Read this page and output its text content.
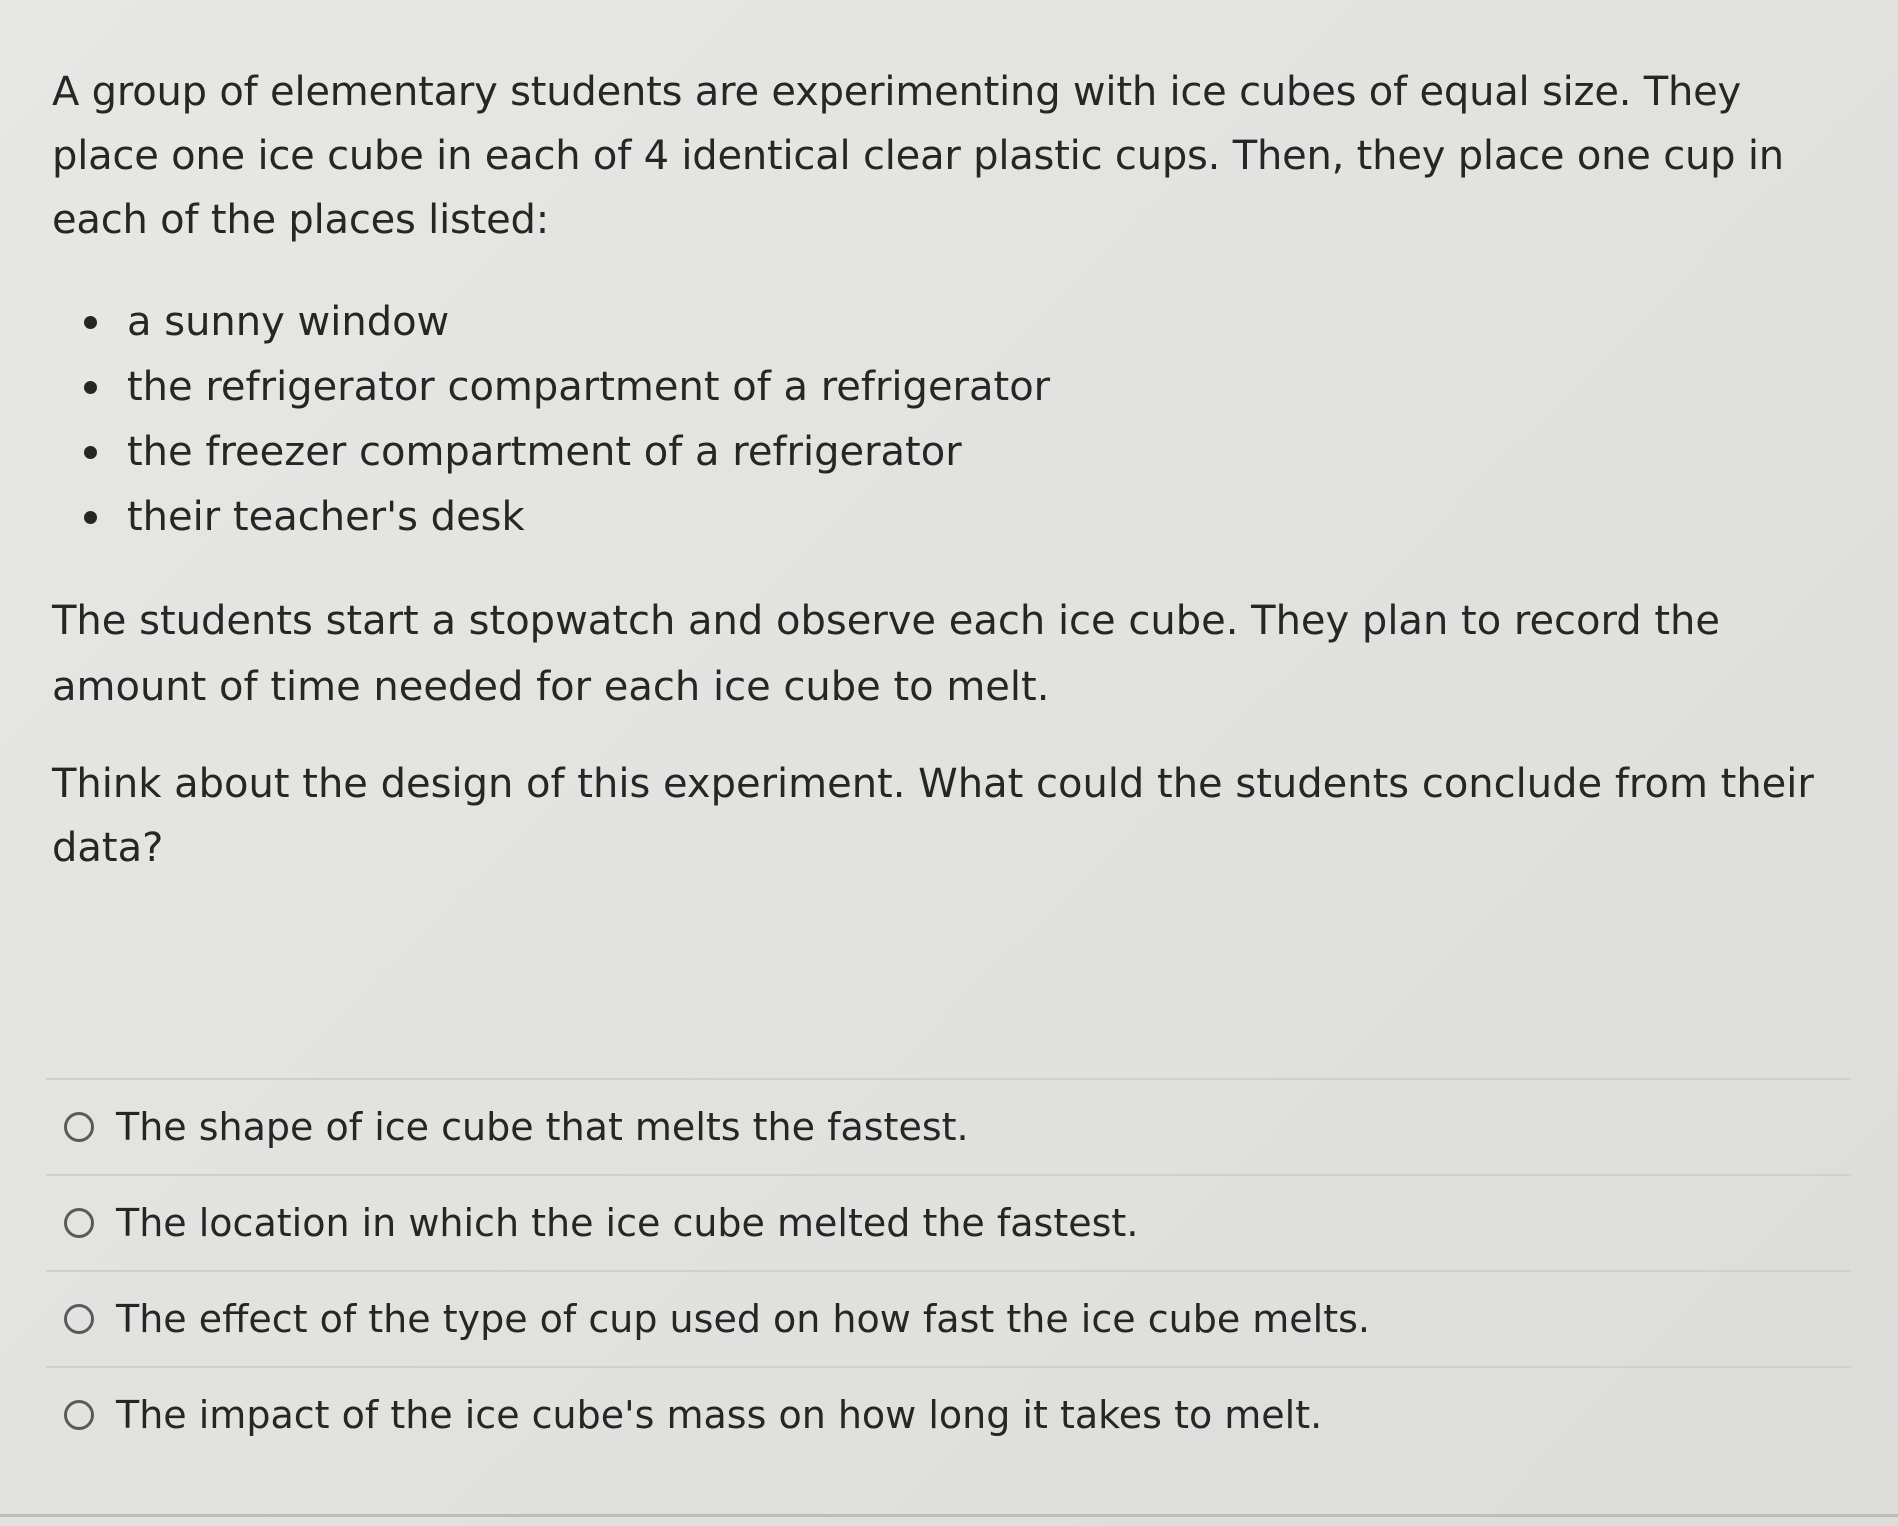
A group of elementary students are experimenting with ice cubes of equal size. They place one ice cube in each of 4 identical clear plastic cups. Then, they place one cup in each of the places listed:

a sunny window
the refrigerator compartment of a refrigerator
the freezer compartment of a refrigerator
their teacher's desk

The students start a stopwatch and observe each ice cube. They plan to record the amount of time needed for each ice cube to melt.

Think about the design of this experiment. What could the students conclude from their data?

The shape of ice cube that melts the fastest.
The location in which the ice cube melted the fastest.
The effect of the type of cup used on how fast the ice cube melts.
The impact of the ice cube's mass on how long it takes to melt.
